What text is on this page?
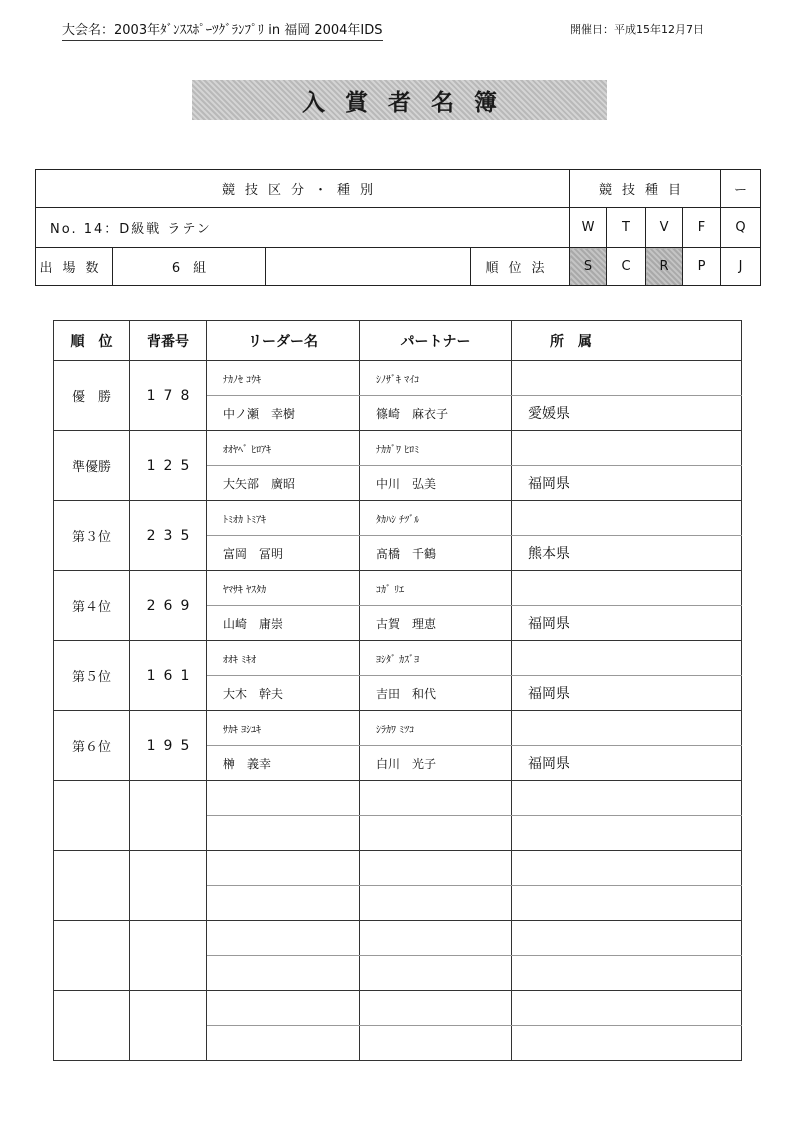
大会名：2003年ﾀﾞﾝｽｽﾎﾟｰﾂｸﾞﾗﾝﾌﾟﾘ in 福岡 2004年IDS	開催日：平成15年12月7日
入賞者名簿
競技区分・種別				競技種目				ー
No. 14：D級戦 ラテン				W	T	V	F	Q
出場数	6　組		順位法	S	C	R	P	J
順　位	背番号	リーダー名	パートナー	所　属
優　勝	178	ﾅｶﾉｾ ｺｳｷ	ｼﾉｻﾞｷ ﾏｲｺ	
		中ノ瀬　幸樹	篠崎　麻衣子	愛媛県
準優勝	125	ｵｵﾔﾍﾞ ﾋﾛｱｷ	ﾅｶｶﾞﾜ ﾋﾛﾐ	
		大矢部　廣昭	中川　弘美	福岡県
第３位	235	ﾄﾐｵｶ ﾄﾐｱｷ	ﾀｶﾊｼ ﾁﾂﾞﾙ	
		富岡　冨明	髙橋　千鶴	熊本県
第４位	269	ﾔﾏｻｷ ﾔｽﾀｶ	ｺｶﾞ ﾘｴ	
		山崎　庸崇	古賀　理恵	福岡県
第５位	161	ｵｵｷ ﾐｷｵ	ﾖｼﾀﾞ ｶｽﾞﾖ	
		大木　幹夫	吉田　和代	福岡県
第６位	195	ｻｶｷ ﾖｼﾕｷ	ｼﾗｶﾜ ﾐﾂｺ	
		榊　義幸	白川　光子	福岡県
